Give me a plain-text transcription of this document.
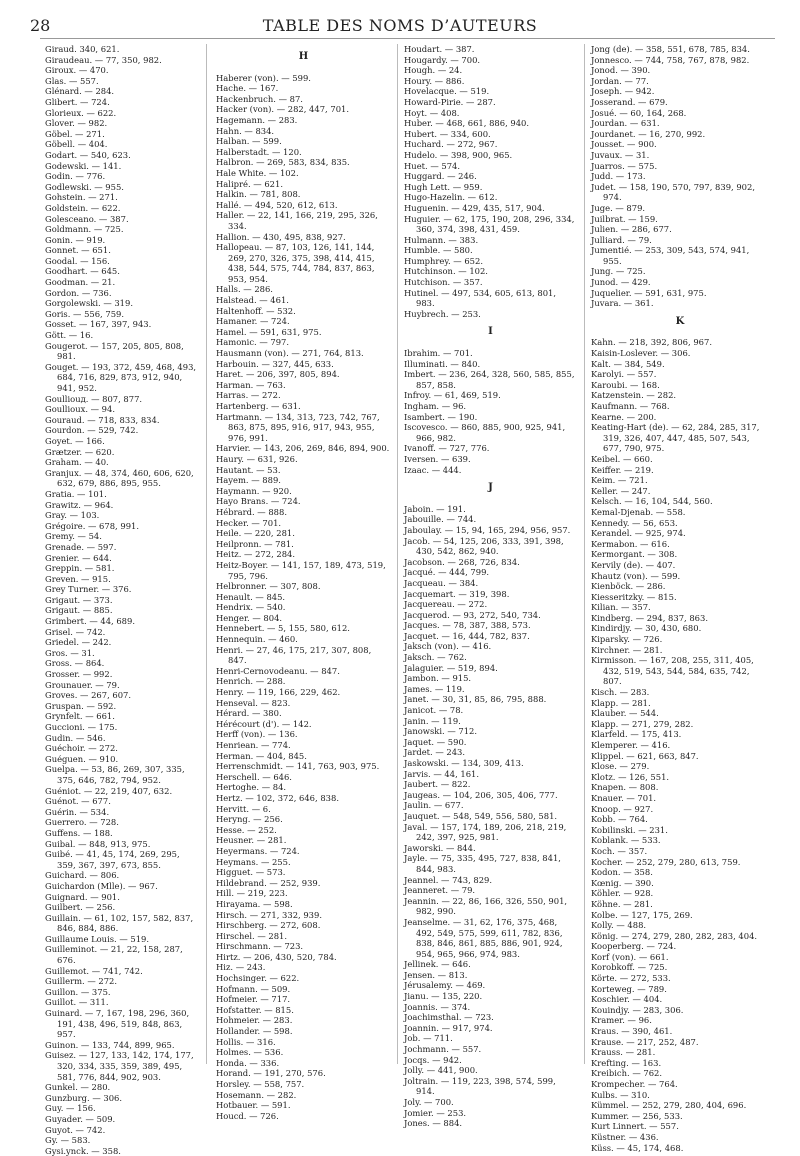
28	TABLE DES NOMS D’AUTEURS
Giraud. 340, 621.
Giraudeau. — 77, 350, 982.
Giroux. — 470.
Glas. — 557.
Glénard. — 284.
Glibert. — 724.
Glorieux. — 622.
Glover. — 982.
Göbel. — 271.
Göbell. — 404.
Godart. — 540, 623.
Godewski. — 141.
Godin. — 776.
Godlewski. — 955.
Gohstein. — 271.
Goldstein. — 622.
Golesceano. — 387.
Goldmann. — 725.
Gonin. — 919.
Gonnet. — 651.
Goodal. — 156.
Goodhart. — 645.
Goodman. — 21.
Gordon. — 736.
Gorgolewski. — 319.
Goris. — 556, 759.
Gosset. — 167, 397, 943.
Gött. — 16.
Gougerot. — 157, 205, 805, 808, 981.
Gouget. — 193, 372, 459, 468, 493, 684, 716, 829, 873, 912, 940, 941, 952.
Goulliouд. — 807, 877.
Goullioux. — 94.
Gouraud. — 718, 833, 834.
Gourdon. — 529, 742.
Goyet. — 166.
Grætzer. — 620.
Graham. — 40.
Granjux. — 48, 374, 460, 606, 620, 632, 679, 886, 895, 955.
Gratia. — 101.
Grawitz. — 964.
Gray. — 103.
Grégoire. — 678, 991.
Gremy. — 54.
Grenade. — 597.
Grenier. — 644.
Greppin. — 581.
Greven. — 915.
Grey Turner. — 376.
Grigaut. — 373.
Grigaut. — 885.
Grimbert. — 44, 689.
Grisel. — 742.
Griedel. — 242.
Gros. — 31.
Gross. — 864.
Grosser. — 992.
Grounauer. — 79.
Groves. — 267, 607.
Gruspan. — 592.
Grynfelt. — 661.
Guccioni. — 175.
Gudin. — 546.
Guéchoir. — 272.
Guéguen. — 910.
Guelpa. — 53, 86, 269, 307, 335, 375, 646, 782, 794, 952.
Guéniot. — 22, 219, 407, 632.
Guénot. — 677.
Guérin. — 534.
Guerrero. — 728.
Guffens. — 188.
Guibal. — 848, 913, 975.
Guibé. — 41, 45, 174, 269, 295, 359, 367, 397, 673, 855.
Guichard. — 806.
Guichardon (Mlle). — 967.
Guignard. — 901.
Guilbert. — 256.
Guillain. — 61, 102, 157, 582, 837, 846, 884, 886.
Guillaume Louis. — 519.
Guilleminot. — 21, 22, 158, 287, 676.
Guillemot. — 741, 742.
Guillerm. — 272.
Guillon. — 375.
Guillot. — 311.
Guinard. — 7, 167, 198, 296, 360, 191, 438, 496, 519, 848, 863, 957.
Guinon. — 133, 744, 899, 965.
Guisez. — 127, 133, 142, 174, 177, 320, 334, 335, 359, 389, 495, 581, 776, 844, 902, 903.
Gunkel. — 280.
Gunzburg. — 306.
Guy. — 156.
Guyader. — 509.
Guyot. — 742.
Gy. — 583.
Gysi.ynck. — 358.
H
Haberer (von). — 599.
Hache. — 167.
Hackenbruch. — 87.
Hacker (von). — 282, 447, 701.
Hagemann. — 283.
Hahn. — 834.
Halban. — 599.
Halberstadt. — 120.
Halbron. — 269, 583, 834, 835.
Hale White. — 102.
Halipré. — 621.
Halkin. — 781, 808.
Hallé. — 494, 520, 612, 613.
Haller. — 22, 141, 166, 219, 295, 326, 334.
Hallion. — 430, 495, 838, 927.
Hallopeau. — 87, 103, 126, 141, 144, 269, 270, 326, 375, 398, 414, 415, 438, 544, 575, 744, 784, 837, 863, 953, 954.
Halls. — 286.
Halstead. — 461.
Haltenhoff. — 532.
Hamaner. — 724.
Hamel. — 591, 631, 975.
Hamonic. — 797.
Hausmann (von). — 271, 764, 813.
Harbouin. — 327, 445, 633.
Haret. — 206, 397, 805, 894.
Harman. — 763.
Harras. — 272.
Hartenberg. — 631.
Hartmann. — 134, 313, 723, 742, 767, 863, 875, 895, 916, 917, 943, 955, 976, 991.
Harvier. — 143, 206, 269, 846, 894, 900.
Haury. — 631, 926.
Hautant. — 53.
Hayem. — 889.
Haymann. — 920.
Hayo Brans. — 724.
Hébrard. — 888.
Hecker. — 701.
Heile. — 220, 281.
Heilpronn. — 781.
Heitz. — 272, 284.
Heitz-Boyer. — 141, 157, 189, 473, 519, 795, 796.
Helbronner. — 307, 808.
Henault. — 845.
Hendrix. — 540.
Henger. — 804.
Hennebert. — 5, 155, 580, 612.
Hennequin. — 460.
Henri. — 27, 46, 175, 217, 307, 808, 847.
Henri-Cernovodeanu. — 847.
Henrich. — 288.
Henry. — 119, 166, 229, 462.
Henseval. — 823.
Hérard. — 380.
Hérécourt (d'). — 142.
Herff (von). — 136.
Henriean. — 774.
Herman. — 404, 845.
Herrenschmidt. — 141, 763, 903, 975.
Herschell. — 646.
Hertoghe. — 84.
Hertz. — 102, 372, 646, 838.
Hervitt. — 6.
Heryng. — 256.
Hesse. — 252.
Heusner. — 281.
Heyermans. — 724.
Heymans. — 255.
Higguet. — 573.
Hildebrand. — 252, 939.
Hill. — 219, 223.
Hirayama. — 598.
Hirsch. — 271, 332, 939.
Hirschberg. — 272, 608.
Hirschel. — 281.
Hirschmann. — 723.
Hirtz. — 206, 430, 520, 784.
Hiz. — 243.
Hochsinger. — 622.
Hofmann. — 509.
Hofmeier. — 717.
Hofstatter. — 815.
Hohmeier. — 283.
Hollander. — 598.
Hollis. — 316.
Holmes. — 536.
Honda. — 336.
Horand. — 191, 270, 576.
Horsley. — 558, 757.
Hosemann. — 282.
Hotbauer. — 591.
Houcd. — 726.
Houdart. — 387.
Hougardy. — 700.
Hough. — 24.
Houry. — 886.
Hovelacque. — 519.
Howard-Pirie. — 287.
Hoyt. — 408.
Huber. — 468, 661, 886, 940.
Hubert. — 334, 600.
Huchard. — 272, 967.
Hudelo. — 398, 900, 965.
Huet. — 574.
Huggard. — 246.
Hugh Lett. — 959.
Hugo-Hazelin. — 612.
Huguenin. — 429, 435, 517, 904.
Huguier. — 62, 175, 190, 208, 296, 334, 360, 374, 398, 431, 459.
Hulmann. — 383.
Humble. — 580.
Humphrey. — 652.
Hutchinson. — 102.
Hutchison. — 357.
Hutinel. — 497, 534, 605, 613, 801, 983.
Huybrech. — 253.
I
Ibrahim. — 701.
Illuminati. — 840.
Imbert. — 236, 264, 328, 560, 585, 855, 857, 858.
Infroy. — 61, 469, 519.
Ingham. — 96.
Isambert. — 190.
Iscovesco. — 860, 885, 900, 925, 941, 966, 982.
Ivanoff. — 727, 776.
Iversen. — 639.
Izaac. — 444.
J
Jaboin. — 191.
Jabouille. — 744.
Jaboulay. — 15, 94, 165, 294, 956, 957.
Jacob. — 54, 125, 206, 333, 391, 398, 430, 542, 862, 940.
Jacobson. — 268, 726, 834.
Jacqué. — 444, 799.
Jacqueau. — 384.
Jacquemart. — 319, 398.
Jacquereau. — 272.
Jacquerod. — 93, 272, 540, 734.
Jacques. — 78, 387, 388, 573.
Jacquet. — 16, 444, 782, 837.
Jaksch (von). — 416.
Jaksch. — 762.
Jalaguier. — 519, 894.
Jambon. — 915.
James. — 119.
Janet. — 30, 31, 85, 86, 795, 888.
Janicot. — 78.
Janin. — 119.
Janowski. — 712.
Jaquet. — 590.
Jardet. — 243.
Jaskowski. — 134, 309, 413.
Jarvis. — 44, 161.
Jaubert. — 822.
Jaugeas. — 104, 206, 305, 406, 777.
Jaulin. — 677.
Jauquet. — 548, 549, 556, 580, 581.
Javal. — 157, 174, 189, 206, 218, 219, 242, 397, 925, 981.
Jaworski. — 844.
Jayle. — 75, 335, 495, 727, 838, 841, 844, 983.
Jeannel. — 743, 829.
Jeanneret. — 79.
Jeannin. — 22, 86, 166, 326, 550, 901, 982, 990.
Jeanselme. — 31, 62, 176, 375, 468, 492, 549, 575, 599, 611, 782, 836, 838, 846, 861, 885, 886, 901, 924, 954, 965, 966, 974, 983.
Jellinek. — 646.
Jensen. — 813.
Jérusalemy. — 469.
Jianu. — 135, 220.
Joannis. — 374.
Joachimsthal. — 723.
Joannin. — 917, 974.
Job. — 711.
Jochmann. — 557.
Jocqs. — 942.
Jolly. — 441, 900.
Joltrain. — 119, 223, 398, 574, 599, 914.
Joly. — 700.
Jomier. — 253.
Jones. — 884.
Jong (de). — 358, 551, 678, 785, 834.
Jonnesco. — 744, 758, 767, 878, 982.
Jonod. — 390.
Jordan. — 77.
Joseph. — 942.
Josserand. — 679.
Josué. — 60, 164, 268.
Jourdan. — 631.
Jourdanet. — 16, 270, 992.
Jousset. — 900.
Juvaux. — 31.
Juarros. — 575.
Judd. — 173.
Judet. — 158, 190, 570, 797, 839, 902, 974.
Juge. — 879.
Juilbrat. — 159.
Julien. — 286, 677.
Julliard. — 79.
Jumentié. — 253, 309, 543, 574, 941, 955.
Jung. — 725.
Junod. — 429.
Juquelier. — 591, 631, 975.
Juvara. — 361.
K
Kahn. — 218, 392, 806, 967.
Kaisin-Loslever. — 306.
Kalt. — 384, 549.
Karolyi. — 557.
Karoubi. — 168.
Katzenstein. — 282.
Kaufmann. — 768.
Kearne. — 200.
Keating-Hart (de). — 62, 284, 285, 317, 319, 326, 407, 447, 485, 507, 543, 677, 790, 975.
Keibel. — 660.
Keiffer. — 219.
Keim. — 721.
Keller. — 247.
Kelsch. — 16, 104, 544, 560.
Kemal-Djenab. — 558.
Kennedy. — 56, 653.
Kerandel. — 925, 974.
Kermabon. — 616.
Kermorgant. — 308.
Kervily (de). — 407.
Khautz (von). — 599.
Kienböck. — 286.
Kiesseritzky. — 815.
Kilian. — 357.
Kindberg. — 294, 837, 863.
Kindirdjy. — 30, 430, 680.
Kiparsky. — 726.
Kirchner. — 281.
Kirmisson. — 167, 208, 255, 311, 405, 432, 519, 543, 544, 584, 635, 742, 807.
Kisch. — 283.
Klapp. — 281.
Klauber. — 544.
Klapp. — 271, 279, 282.
Klarfeld. — 175, 413.
Klemperer. — 416.
Klippel. — 621, 663, 847.
Klose. — 279.
Klotz. — 126, 551.
Knapen. — 808.
Knauer. — 701.
Knoop. — 927.
Kobb. — 764.
Kobilinski. — 231.
Koblank. — 533.
Koch. — 357.
Kocher. — 252, 279, 280, 613, 759.
Kodon. — 358.
Kœnig. — 390.
Köhler. — 928.
Köhne. — 281.
Kolbe. — 127, 175, 269.
Kolly. — 488.
König. — 274, 279, 280, 282, 283, 404.
Kooperberg. — 724.
Korf (von). — 661.
Korobkoff. — 725.
Körte. — 272, 533.
Korteweg. — 789.
Koschier. — 404.
Kouindjy. — 283, 306.
Kramer. — 96.
Kraus. — 390, 461.
Krause. — 217, 252, 487.
Krauss. — 281.
Krefting. — 163.
Kreibich. — 762.
Krompecher. — 764.
Kulbs. — 310.
Kümmel. — 252, 279, 280, 404, 696.
Kummer. — 256, 533.
Kurt Linnert. — 557.
Küstner. — 436.
Küss. — 45, 174, 468.
